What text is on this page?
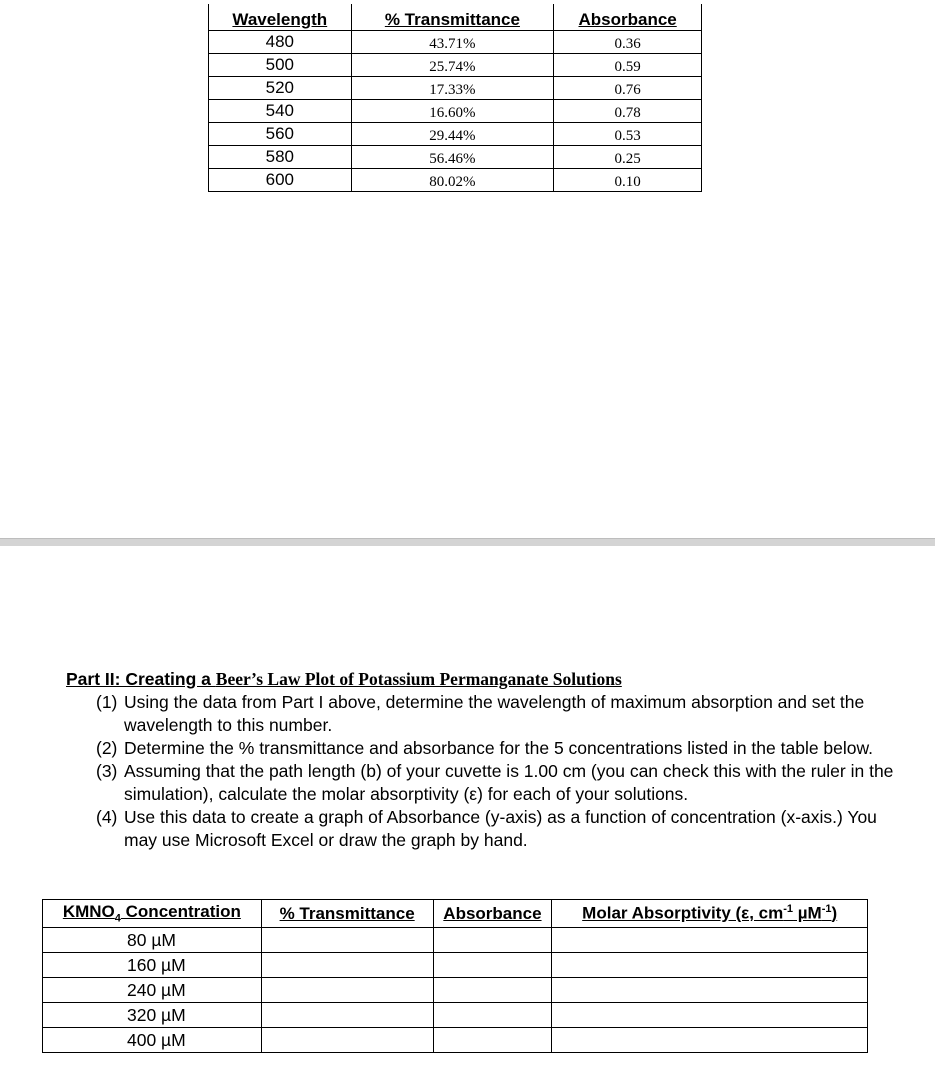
Wavelength	% Transmittance	Absorbance
480	43.71%	0.36
500	25.74%	0.59
520	17.33%	0.76
540	16.60%	0.78
560	29.44%	0.53
580	56.46%	0.25
600	80.02%	0.10
Part II: Creating a Beer’s Law Plot of Potassium Permanganate Solutions
(1) Using the data from Part I above, determine the wavelength of maximum absorption and set the wavelength to this number.
(2) Determine the % transmittance and absorbance for the 5 concentrations listed in the table below.
(3) Assuming that the path length (b) of your cuvette is 1.00 cm (you can check this with the ruler in the simulation), calculate the molar absorptivity (ε) for each of your solutions.
(4) Use this data to create a graph of Absorbance (y-axis) as a function of concentration (x-axis.) You may use Microsoft Excel or draw the graph by hand.
$KMNO_4$ Concentration	% Transmittance	Absorbance	Molar Absorptivity (ε, $cm^{-1}$ µM$^{-1}$)
80 µM			
160 µM			
240 µM			
320 µM			
400 µM			
